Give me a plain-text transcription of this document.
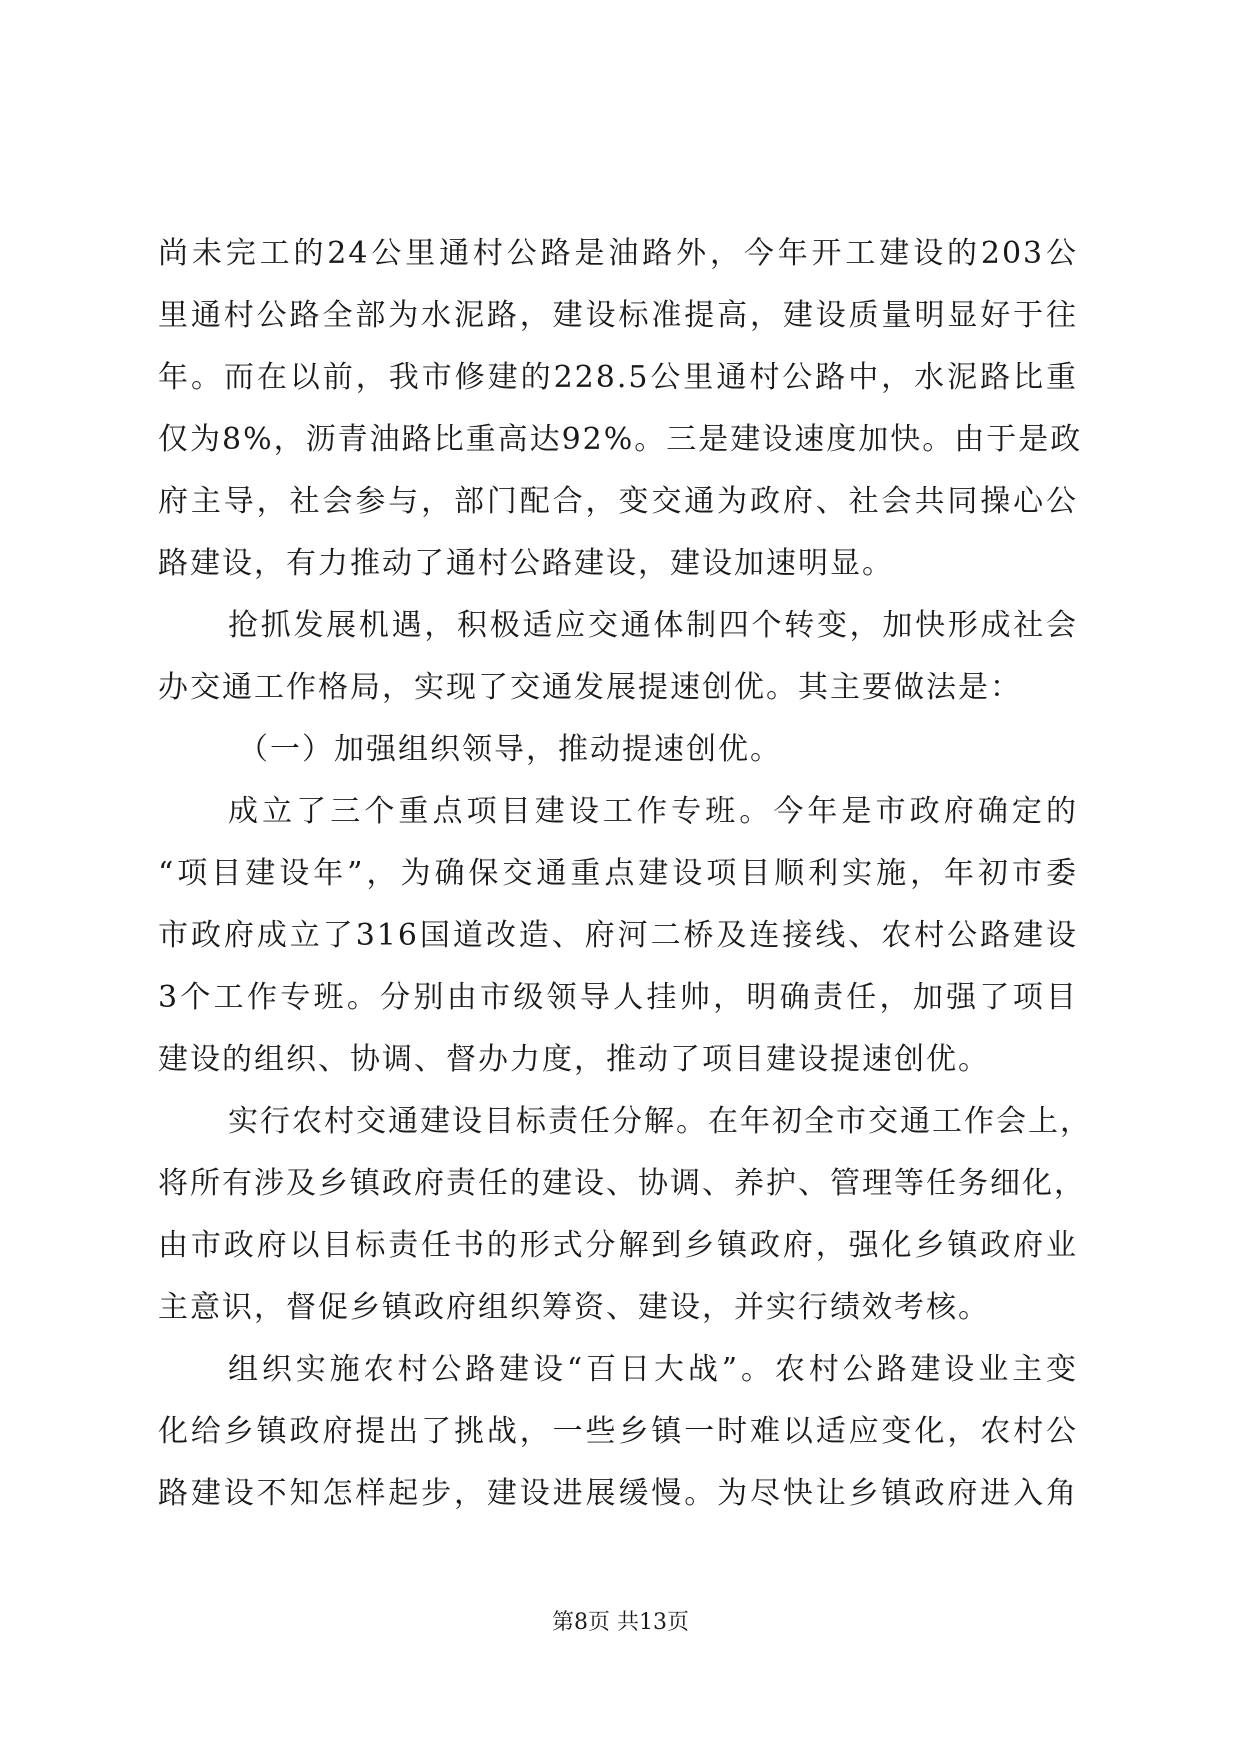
尚未完工的24公里通村公路是油路外，今年开工建设的203公
里通村公路全部为水泥路，建设标准提高，建设质量明显好于往
年。而在以前，我市修建的228.5公里通村公路中，水泥路比重
仅为8%，沥青油路比重高达92%。三是建设速度加快。由于是政
府主导，社会参与，部门配合，变交通为政府、社会共同操心公
路建设，有力推动了通村公路建设，建设加速明显。
抢抓发展机遇，积极适应交通体制四个转变，加快形成社会
办交通工作格局，实现了交通发展提速创优。其主要做法是：
（一）加强组织领导，推动提速创优。
成立了三个重点项目建设工作专班。今年是市政府确定的
“项目建设年”，为确保交通重点建设项目顺利实施，年初市委
市政府成立了316国道改造、府河二桥及连接线、农村公路建设
3个工作专班。分别由市级领导人挂帅，明确责任，加强了项目
建设的组织、协调、督办力度，推动了项目建设提速创优。
实行农村交通建设目标责任分解。在年初全市交通工作会上，
将所有涉及乡镇政府责任的建设、协调、养护、管理等任务细化，
由市政府以目标责任书的形式分解到乡镇政府，强化乡镇政府业
主意识，督促乡镇政府组织筹资、建设，并实行绩效考核。
组织实施农村公路建设“百日大战”。农村公路建设业主变
化给乡镇政府提出了挑战，一些乡镇一时难以适应变化，农村公
路建设不知怎样起步，建设进展缓慢。为尽快让乡镇政府进入角
第8页 共13页
